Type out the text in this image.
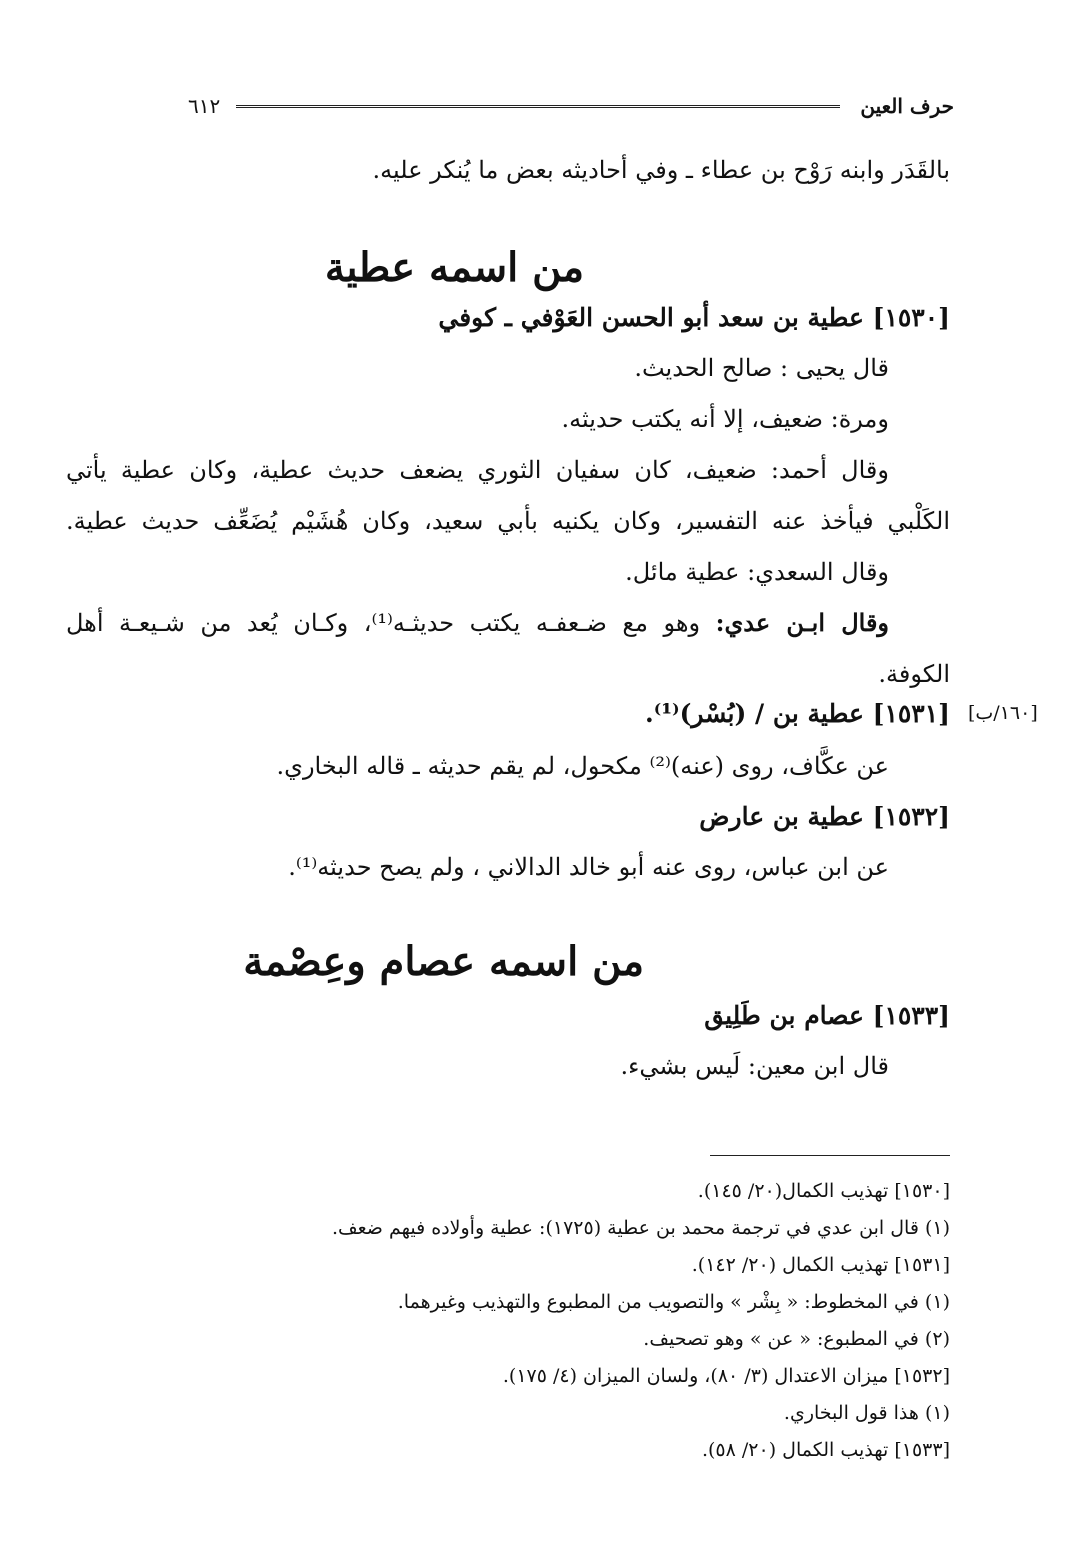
حرف العين
٦١٢
بالقَدَر وابنه رَوْح بن عطاء ـ وفي أحاديثه بعض ما يُنكر عليه.
من اسمه عطية
[١٥٣٠] عطية بن سعد أبو الحسن العَوْفي ـ كوفي
قال يحيى : صالح الحديث.
ومرة: ضعيف، إلا أنه يكتب حديثه.
وقال أحمد: ضعيف، كان سفيان الثوري يضعف حديث عطية، وكان عطية يأتي
الكَلْبي فيأخذ عنه التفسير، وكان يكنيه بأبي سعيد، وكان هُشَيْم يُضَعِّف حديث عطية.
وقال السعدي: عطية مائل.
وقال ابـن عدي: وهو مع ضـعفـه يكتب حديثـه⁽¹⁾، وكـان يُعد من شـيعـة أهل
الكوفة.
[١٦٠/ب]
[١٥٣١] عطية بن / (بُسْر)⁽¹⁾.
عن عكَّاف، روى (عنه)⁽²⁾ مكحول، لم يقم حديثه ـ قاله البخاري.
[١٥٣٢] عطية بن عارض
عن ابن عباس، روى عنه أبو خالد الدالاني ، ولم يصح حديثه⁽¹⁾.
من اسمه عصام وعِصْمة
[١٥٣٣] عصام بن طَلِيق
قال ابن معين: لَيس بشيء.
[١٥٣٠] تهذيب الكمال(٢٠/ ١٤٥).
(١) قال ابن عدي في ترجمة محمد بن عطية (١٧٢٥): عطية وأولاده فيهم ضعف.
[١٥٣١] تهذيب الكمال (٢٠/ ١٤٢).
(١) في المخطوط: « بِشْر » والتصويب من المطبوع والتهذيب وغيرهما.
(٢) في المطبوع: « عن » وهو تصحيف.
[١٥٣٢] ميزان الاعتدال (٣/ ٨٠)، ولسان الميزان (٤/ ١٧٥).
(١) هذا قول البخاري.
[١٥٣٣] تهذيب الكمال (٢٠/ ٥٨).
